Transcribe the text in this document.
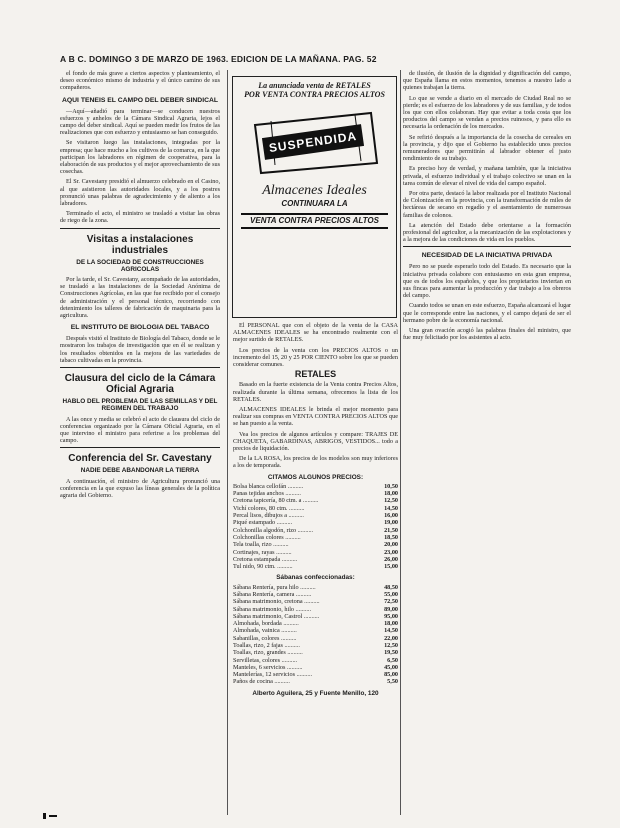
A B C. DOMINGO 3 DE MARZO DE 1963. EDICION DE LA MAÑANA. PAG. 52

el fondo de más grave a ciertos aspectos y planteamiento, el deseo económico mismo de industria y el único camino de sus compañeros.

AQUI TENEIS EL CAMPO DEL DEBER SINDICAL

—Aquí—añadió para terminar—se conducen nuestros esfuerzos y anhelos de la Cámara Sindical Agraria, lejos el campo del deber sindical. Aquí se pueden medir los frutos de las realizaciones que con esfuerzo y entusiasmo se han conseguido.

Se visitaron luego las instalaciones, integradas por la empresa; que hace mucho a los cultivos de la comarca, en la que participan los labradores en régimen de cooperativa, para la elaboración de sus productos y el mejor aprovechamiento de sus cosechas.

El Sr. Cavestany presidió el almuerzo celebrado en el Casino, al que asistieron las autoridades locales, y a los postres pronunció unas palabras de agradecimiento y de aliento a los labradores.

Terminado el acto, el ministro se trasladó a visitar las obras de riego de la zona.

Visitas a instalaciones industriales
DE LA SOCIEDAD DE CONSTRUCCIONES AGRICOLAS

Por la tarde, el Sr. Cavestany, acompañado de las autoridades, se trasladó a las instalaciones de la Sociedad Anónima de Construcciones Agrícolas, en las que fue recibido por el consejo de administración y el personal técnico, recorriendo con detenimiento los talleres de fabricación de maquinaria para la agricultura.

EL INSTITUTO DE BIOLOGIA DEL TABACO

Después visitó el Instituto de Biología del Tabaco, donde se le mostraron los trabajos de investigación que en él se realizan y los resultados obtenidos en la mejora de las variedades de tabaco cultivadas en la provincia.

Clausura del ciclo de la Cámara Oficial Agraria
HABLO DEL PROBLEMA DE LAS SEMILLAS Y DEL REGIMEN DEL TRABAJO

A las once y media se celebró el acto de clausura del ciclo de conferencias organizado por la Cámara Oficial Agraria, en el que intervino el ministro para referirse a los problemas del campo.

Conferencia del Sr. Cavestany
NADIE DEBE ABANDONAR LA TIERRA

A continuación, el ministro de Agricultura pronunció una conferencia en la que expuso las líneas generales de la política agraria del Gobierno.

La anunciada venta de RETALES
POR VENTA CONTRA PRECIOS ALTOS
SUSPENDIDA
Almacenes Ideales
CONTINUARA LA
VENTA CONTRA PRECIOS ALTOS

El PERSONAL que con el objeto de la venta de la CASA ALMACENES IDEALES se ha encontrado realmente con el mejor surtido de RETALES.

Los precios de la venta con los PRECIOS ALTOS o un incremento del 15, 20 y 25 POR CIENTO sobre los que se pueden considerar comunes.

RETALES

Basado en la fuerte existencia de la Venta contra Precios Altos, realizada durante la última semana, ofrecemos la lista de los RETALES.

ALMACENES IDEALES le brinda el mejor momento para realizar sus compras en VENTA CONTRA PRECIOS ALTOS que se han puesto a la venta.

Vea los precios de algunos artículos y compare: TRAJES DE CHAQUETA, GABARDINAS, ABRIGOS, VESTIDOS... todo a precios de liquidación.

De la LA ROSA, los precios de los modelos son muy inferiores a los de temporada.

CITAMOS ALGUNOS PRECIOS:
Bolsa blanca cellofán ..........	10,50
Panas tejidas anchos ..........	18,00
Cretona tapicería, 80 ctm. a ..........	12,50
Vichí colores, 80 ctm. ..........	14,50
Percal lisos, dibujos a ..........	16,00
Piqué estampado ..........	19,00
Colchonilla algodón, rizo ..........	21,50
Colchonillas colores ..........	18,50
Tela toalla, rizo ..........	20,00
Cortinajes, rayas ..........	23,00
Cretona estampada ..........	26,00
Tul nido, 90 ctm. ..........	15,00
Sábanas confeccionadas:
Sábana Rentería, pura hilo ..........	48,50
Sábana Rentería, camera ..........	55,00
Sábana matrimonio, cretona ..........	72,50
Sábana matrimonio, hilo ..........	89,00
Sábana matrimonio, Castrol ..........	95,00
Almohada, bordada ..........	18,00
Almohada, vainica ..........	14,50
Sabanillas, colores ..........	22,00
Toallas, rizo, 2 fajas ..........	12,50
Toallas, rizo, grandes ..........	19,50
Servilletas, colores ..........	6,50
Manteles, 6 servicios ..........	45,00
Mantelerías, 12 servicios ..........	85,00
Paños de cocina ..........	5,50
Alberto Aguilera, 25 y Fuente Menillo, 120

de ilusión, de ilusión de la dignidad y dignificación del campo, que España llama en estos momentos, tenemos a nuestro lado a quienes trabajan la tierra.

Lo que se vende a diario en el mercado de Ciudad Real no se pierde; es el esfuerzo de los labradores y de sus familias, y de todos los que con ellos colaboran. Hay que evitar a toda costa que los productos del campo se vendan a precios ruinosos, y para ello es necesaria la ordenación de los mercados.

Se refirió después a la importancia de la cosecha de cereales en la provincia, y dijo que el Gobierno ha establecido unos precios remuneradores que permitirán al labrador obtener el justo rendimiento de su trabajo.

Es preciso hoy de verdad, y mañana también, que la iniciativa privada, el esfuerzo individual y el trabajo colectivo se unan en la tarea común de elevar el nivel de vida del campo español.

Por otra parte, destacó la labor realizada por el Instituto Nacional de Colonización en la provincia, con la transformación de miles de hectáreas de secano en regadío y el asentamiento de numerosas familias de colonos.

La atención del Estado debe orientarse a la formación profesional del agricultor, a la mecanización de las explotaciones y a la mejora de las condiciones de vida en los pueblos.

NECESIDAD DE LA INICIATIVA PRIVADA

Pero no se puede esperarlo todo del Estado. Es necesario que la iniciativa privada colabore con entusiasmo en esta gran empresa, que es de todos los españoles, y que los propietarios inviertan en sus fincas para aumentar la producción y dar trabajo a los obreros del campo.

Cuando todos se unan en este esfuerzo, España alcanzará el lugar que le corresponde entre las naciones, y el campo dejará de ser el hermano pobre de la economía nacional.

Una gran ovación acogió las palabras finales del ministro, que fue muy felicitado por los asistentes al acto.
